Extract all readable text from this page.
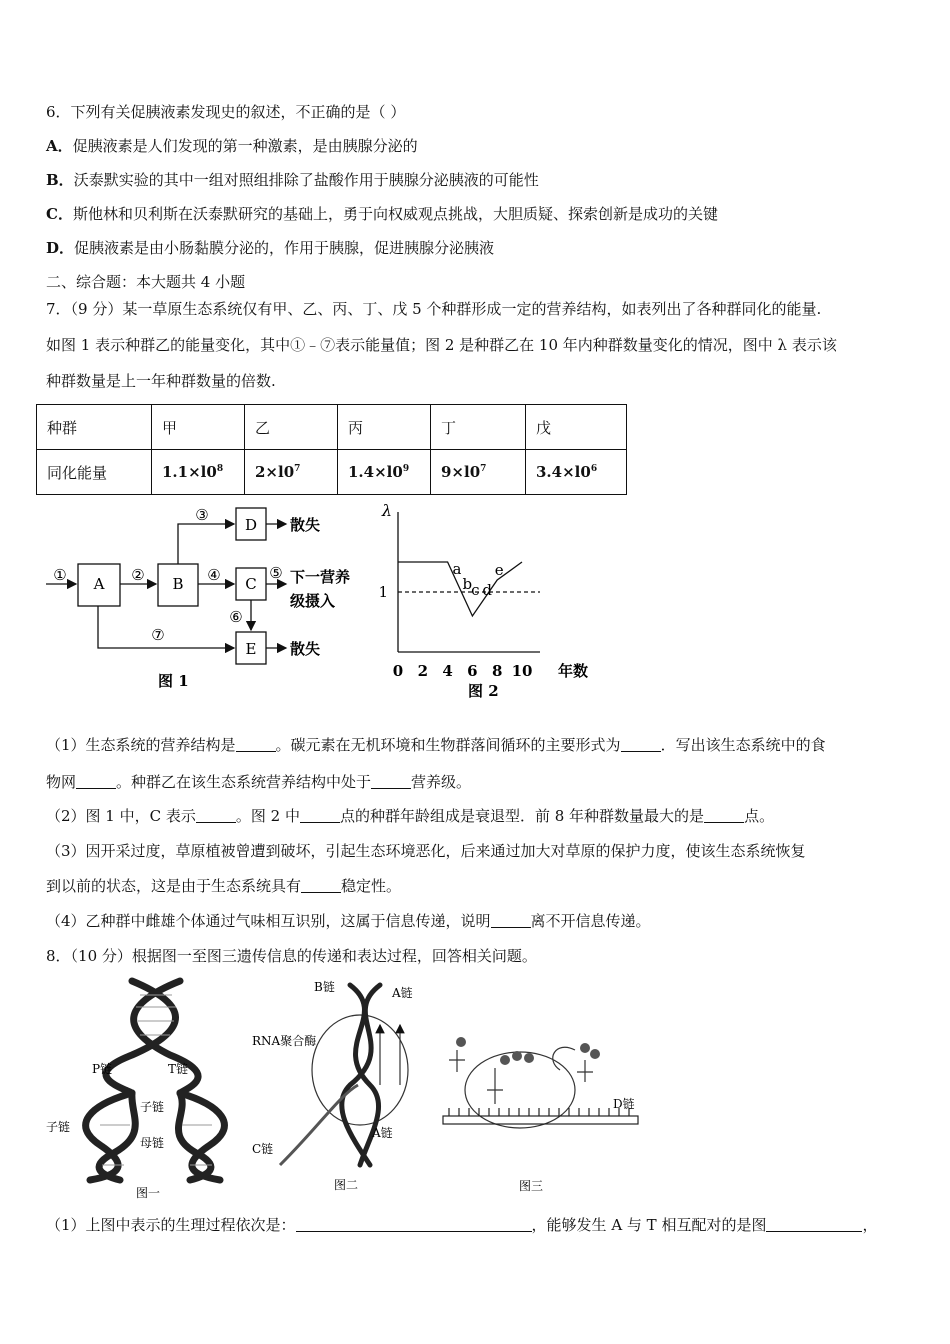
6．下列有关促胰液素发现史的叙述，不正确的是（ ）
A．促胰液素是人们发现的第一种激素，是由胰腺分泌的
B．沃泰默实验的其中一组对照组排除了盐酸作用于胰腺分泌胰液的可能性
C．斯他林和贝利斯在沃泰默研究的基础上，勇于向权威观点挑战，大胆质疑、探索创新是成功的关键
D．促胰液素是由小肠黏膜分泌的，作用于胰腺，促进胰腺分泌胰液
二、综合题：本大题共 4 小题
7．（9 分）某一草原生态系统仅有甲、乙、丙、丁、戊 5 个种群形成一定的营养结构，如表列出了各种群同化的能量.
如图 1 表示种群乙的能量变化，其中①﹣⑦表示能量值；图 2 是种群乙在 10 年内种群数量变化的情况，图中 λ 表示该
种群数量是上一年种群数量的倍数.
种群	甲	乙	丙	丁	戊
同化能量	$1.1\times l0^8$	$2\times l0^7$	$1.4\times l0^9$	$9\times l0^7$	$3.4\times l0^6$
A	B	C
D
E
①	②
③
④	⑤
⑥
⑦
散失
下一营养
级摄入
散失
图 1
λ
1
0 2 4 6 8 10 年数
a
b c d
e
图 2
（1）生态系统的营养结构是	。碳元素在无机环境和生物群落间循环的主要形式为	．写出该生态系统中的食
物网	。种群乙在该生态系统营养结构中处于	营养级。
（2）图 1 中，C 表示	。图 2 中	点的种群年龄组成是衰退型．前 8 年种群数量最大的是	点。
（3）因开采过度，草原植被曾遭到破坏，引起生态环境恶化，后来通过加大对草原的保护力度，使该生态系统恢复
到以前的状态，这是由于生态系统具有	稳定性。
（4）乙种群中雌雄个体通过气味相互识别，这属于信息传递，说明	离不开信息传递。
8．（10 分）根据图一至图三遗传信息的传递和表达过程，回答相关问题。
P链	T链
子链
子链
母链
图一
B链	A链
RNA聚合酶
C链
A链
图二
D链
图三
（1）上图中表示的生理过程依次是：	，能够发生 A 与 T 相互配对的是图	，
